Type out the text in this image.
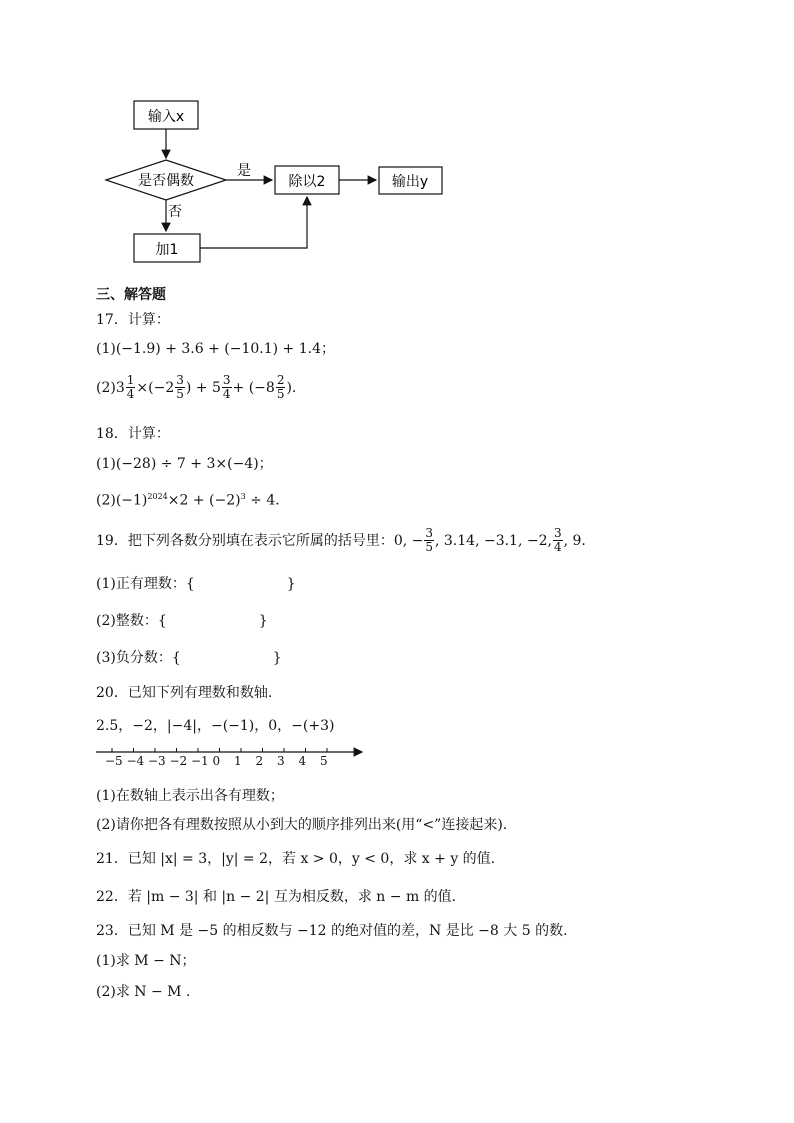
输入x
是否偶数
是
除以2	输出y
否
加1
三、解答题
17．计算：
(1)(−1.9) + 3.6 + (−10.1) + 1.4；
(2) $3 \frac{1}{4} \times(-2 \frac{3}{5}$ ) + $5 \frac{3}{4} + (-8 \frac{2}{5}$ ).
18．计算：
(1)(−28) ÷ 7 + 3×(−4)；
$(2)(-1)^{2024}\times 2 + (-2)^3 \div 4$．
19．把下列各数分别填在表示它所属的括号里：0, − $\frac{3}{5}$ , 3.14, −3.1, −2, $\frac{3}{4}$ , 9.
(1)正有理数：{	}
(2)整数：{	}
(3)负分数：{	}
20．已知下列有理数和数轴.
2.5，−2，|−4|，−(−1)，0，−(+3)
−5 −4 −3 −2 −1 0 1 2 3 4 5
(1)在数轴上表示出各有理数；
(2)请你把各有理数按照从小到大的顺序排列出来(用“<”连接起来).
21．已知 |x| = 3，|y| = 2，若 x > 0，y < 0，求 x + y 的值.
22．若 |m − 3| 和 |n − 2| 互为相反数，求 n − m 的值.
23．已知 M 是 −5 的相反数与 −12 的绝对值的差，N 是比 −8 大 5 的数.
(1)求 M − N；
(2)求 N − M .
